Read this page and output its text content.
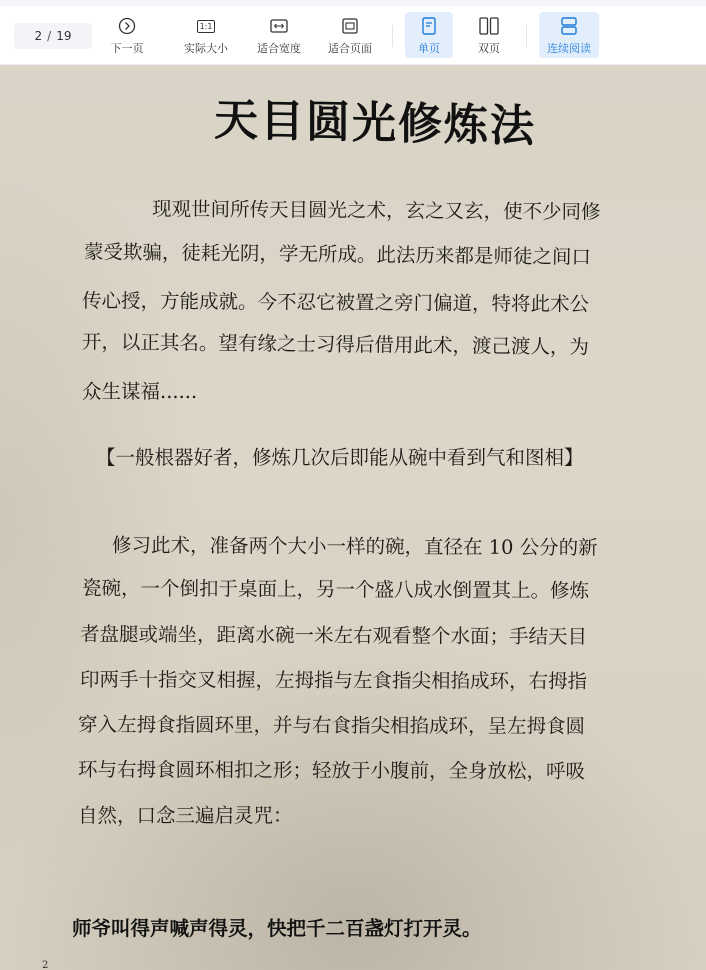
2 / 19
下一页
1:1
实际大小	适合宽度 适合页面	单页	双页	连续阅读
天目圆光修炼法
现观世间所传天目圆光之术，玄之又玄，使不少同修
蒙受欺骗，徒耗光阴，学无所成。此法历来都是师徒之间口
传心授，方能成就。今不忍它被置之旁门偏道，特将此术公
开，以正其名。望有缘之士习得后借用此术，渡己渡人，为
众生谋福......
【一般根器好者，修炼几次后即能从碗中看到气和图相】
修习此术，准备两个大小一样的碗，直径在 10 公分的新
瓷碗，一个倒扣于桌面上，另一个盛八成水倒置其上。修炼
者盘腿或端坐，距离水碗一米左右观看整个水面；手结天目
印两手十指交叉相握，左拇指与左食指尖相掐成环，右拇指
穿入左拇食指圆环里，并与右食指尖相掐成环，呈左拇食圆
环与右拇食圆环相扣之形；轻放于小腹前，全身放松，呼吸
自然，口念三遍启灵咒：
师爷叫得声喊声得灵，快把千二百盏灯打开灵。
2
